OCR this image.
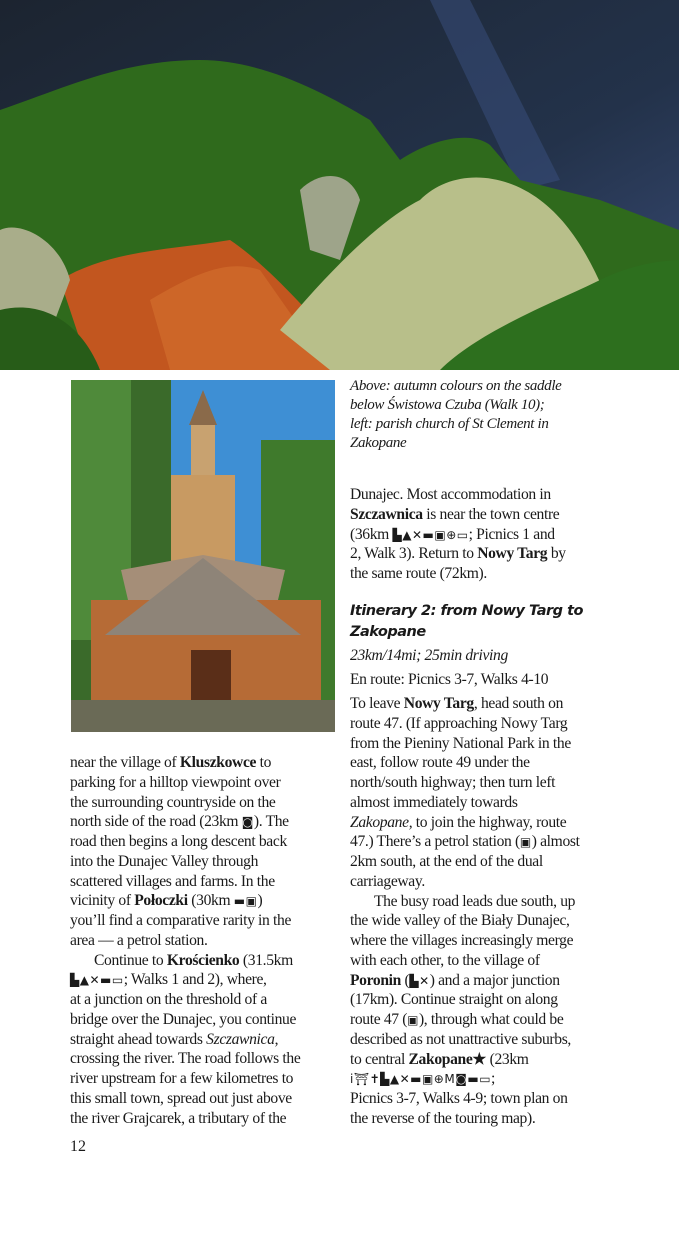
Above: autumn colours on the saddle
below Świstowa Czuba (Walk 10);
left: parish church of St Clement in
Zakopane
Dunajec. Most accommodation in
Szczawnica is near the town centre
(36km ▙▲✕▬▣⊕▭; Picnics 1 and
2, Walk 3). Return to Nowy Targ by
the same route (72km).
Itinerary 2: from Nowy Targ to
Zakopane
23km/14mi; 25min driving
En route: Picnics 3-7, Walks 4-10
To leave Nowy Targ, head south on
route 47. (If approaching Nowy Targ
from the Pieniny National Park in the
east, follow route 49 under the
north/south highway; then turn left
almost immediately towards
Zakopane, to join the highway, route
47.) There’s a petrol station (▣) almost
2km south, at the end of the dual
carriageway.
The busy road leads due south, up
the wide valley of the Biały Dunajec,
where the villages increasingly merge
with each other, to the village of
Poronin (▙✕) and a major junction
(17km). Continue straight on along
route 47 (▣), through what could be
described as not unattractive suburbs,
to central Zakopane★ (23km
i⛩✝▙▲✕▬▣⊕M◙▬▭;
Picnics 3-7, Walks 4-9; town plan on
the reverse of the touring map).
near the village of Kluszkowce to
parking for a hilltop viewpoint over
the surrounding countryside on the
north side of the road (23km ◙). The
road then begins a long descent back
into the Dunajec Valley through
scattered villages and farms. In the
vicinity of Połoczki (30km ▬▣)
you’ll find a comparative rarity in the
area — a petrol station.
Continue to Krościenko (31.5km
▙▲✕▬▭; Walks 1 and 2), where,
at a junction on the threshold of a
bridge over the Dunajec, you continue
straight ahead towards Szczawnica,
crossing the river. The road follows the
river upstream for a few kilometres to
this small town, spread out just above
the river Grajcarek, a tributary of the
12
